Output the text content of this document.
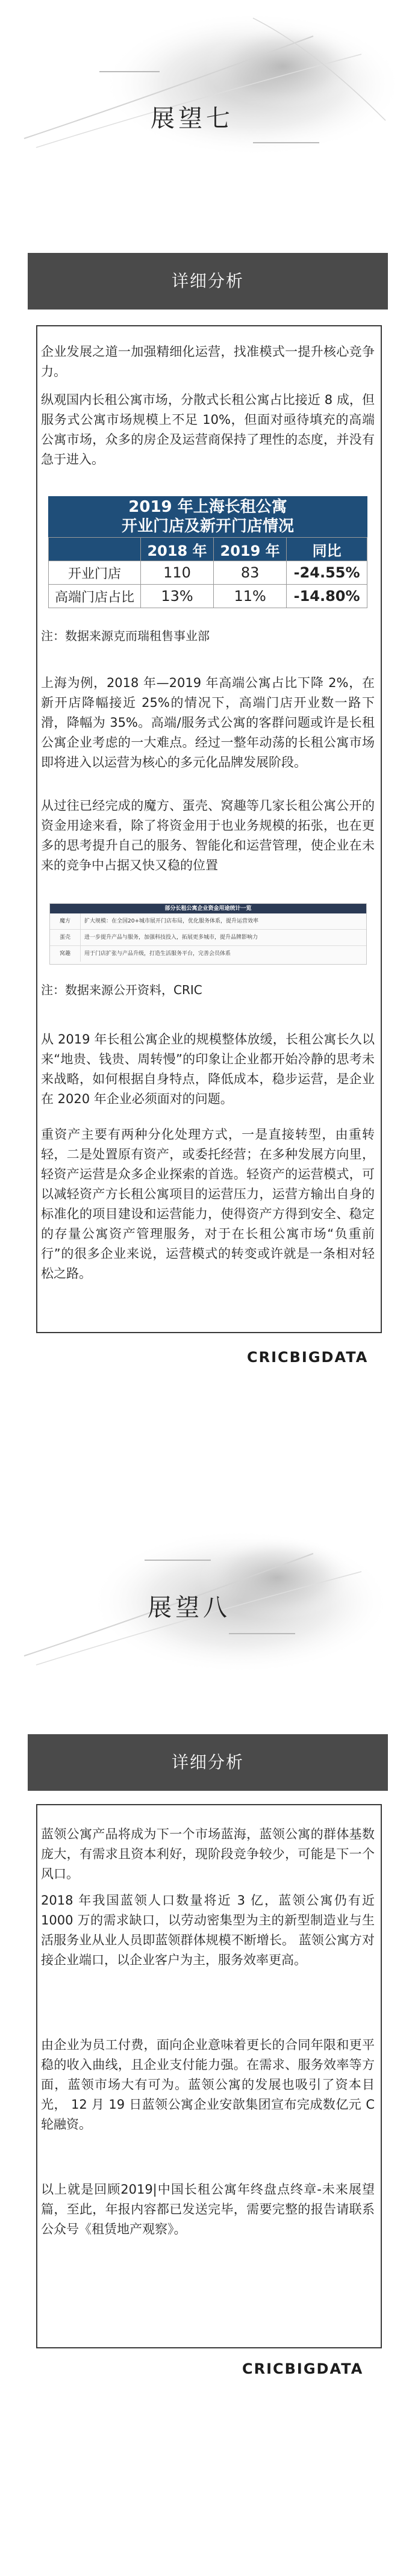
展望七
详细分析

企业发展之道一加强精细化运营，找准模式一提升核心竞争力。

纵观国内长租公寓市场，分散式长租公寓占比接近 8 成，但服务式公寓市场规模上不足 10%，但面对亟待填充的高端公寓市场，众多的房企及运营商保持了理性的态度，并没有急于进入。

2019 年上海长租公寓
开业门店及新开门店情况
	2018 年	2019 年	同比
开业门店	110	83	-24.55%
高端门店占比	13%	11%	-14.80%

注：数据来源克而瑞租售事业部

上海为例，2018 年—2019 年高端公寓占比下降 2%，在新开店降幅接近 25%的情况下，高端门店开业数一路下滑，降幅为 35%。高端/服务式公寓的客群问题或许是长租公寓企业考虑的一大难点。经过一整年动荡的长租公寓市场即将进入以运营为核心的多元化品牌发展阶段。

从过往已经完成的魔方、蛋壳、窝趣等几家长租公寓公开的资金用途来看，除了将资金用于也业务规模的拓张，也在更多的思考提升自己的服务、智能化和运营管理，使企业在未来的竞争中占据又快又稳的位置

部分长租公寓企业资金用途统计一览
魔方	扩大规模：在全国20+城市展开门店布局，优化服务体系，提升运营效率
蛋壳	进一步提升产品与服务，加强科技投入，拓展更多城市，提升品牌影响力
窝趣	用于门店扩张与产品升级，打造生活服务平台，完善会员体系

注：数据来源公开资料，CRIC

从 2019 年长租公寓企业的规模整体放缓，长租公寓长久以来“地贵、钱贵、周转慢”的印象让企业都开始冷静的思考未来战略，如何根据自身特点，降低成本，稳步运营，是企业在 2020 年企业必须面对的问题。

重资产主要有两种分化处理方式，一是直接转型，由重转轻，二是处置原有资产，或委托经营；在多种发展方向里，轻资产运营是众多企业探索的首选。轻资产的运营模式，可以减轻资产方长租公寓项目的运营压力，运营方输出自身的标准化的项目建设和运营能力，使得资产方得到安全、稳定的存量公寓资产管理服务，对于在长租公寓市场“负重前行”的很多企业来说，运营模式的转变或许就是一条相对轻松之路。

CRICBIGDATA
展望八
详细分析

蓝领公寓产品将成为下一个市场蓝海，蓝领公寓的群体基数庞大，有需求且资本利好，现阶段竞争较少，可能是下一个风口。

2018 年我国蓝领人口数量将近 3 亿，蓝领公寓仍有近 1000 万的需求缺口，以劳动密集型为主的新型制造业与生活服务业从业人员即蓝领群体规模不断增长。 蓝领公寓方对接企业端口，以企业客户为主，服务效率更高。

由企业为员工付费，面向企业意味着更长的合同年限和更平稳的收入曲线，且企业支付能力强。在需求、服务效率等方面，蓝领市场大有可为。蓝领公寓的发展也吸引了资本目光， 12 月 19 日蓝领公寓企业安歆集团宣布完成数亿元 C 轮融资。

以上就是回顾2019|中国长租公寓年终盘点终章-未来展望篇，至此，年报内容都已发送完毕，需要完整的报告请联系公众号《租赁地产观察》。

CRICBIGDATA
